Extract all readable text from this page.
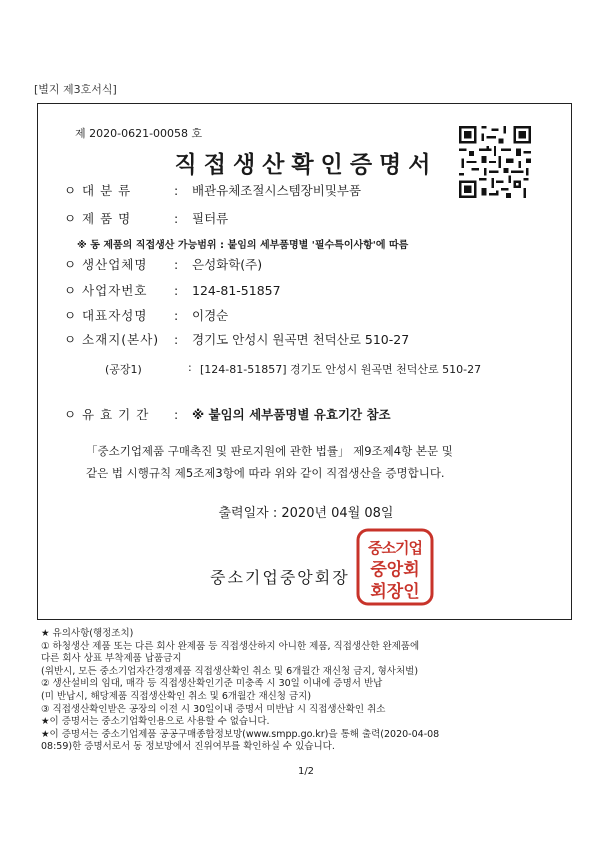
[별지 제3호서식]
제 2020-0621-00058 호
직접생산확인증명서
ㅇ 대 분 류	: 배관유체조절시스템장비및부품
ㅇ 제 품 명	: 필터류
※ 동 제품의 직접생산 가능범위 : 붙임의 세부품명별 '필수특이사항'에 따름
ㅇ 생산업체명 : 은성화학(주)
ㅇ 사업자번호 : 124-81-51857
ㅇ 대표자성명 : 이경순
ㅇ 소재지(본사) : 경기도 안성시 원곡면 천덕산로 510-27
(공장1)	: [124-81-51857] 경기도 안성시 원곡면 천덕산로 510-27
ㅇ 유 효 기 간 : ※ 붙임의 세부품명별 유효기간 참조
「중소기업제품 구매촉진 및 판로지원에 관한 법률」 제9조제4항 본문 및
같은 법 시행규칙 제5조제3항에 따라 위와 같이 직접생산을 증명합니다.
출력일자 : 2020년 04월 08일
중소기업
중앙회
회장인
중소기업중앙회장
★ 유의사항(행정조치)
① 하청생산 제품 또는 다른 회사 완제품 등 직접생산하지 아니한 제품, 직접생산한 완제품에
다른 회사 상표 부착제품 납품금지
(위반시, 모든 중소기업자간경쟁제품 직접생산확인 취소 및 6개월간 재신청 금지, 형사처벌)
② 생산설비의 임대, 매각 등 직접생산확인기준 미충족 시 30일 이내에 증명서 반납
(미 반납시, 해당제품 직접생산확인 취소 및 6개월간 재신청 금지)
③ 직접생산확인받은 공장의 이전 시 30일이내 증명서 미반납 시 직접생산확인 취소
★이 증명서는 중소기업확인용으로 사용할 수 없습니다.
★이 증명서는 중소기업제품 공공구매종합정보망(www.smpp.go.kr)을 통해 출력(2020-04-08
08:59)한 증명서로서 동 정보망에서 진위여부를 확인하실 수 있습니다.
1/2
